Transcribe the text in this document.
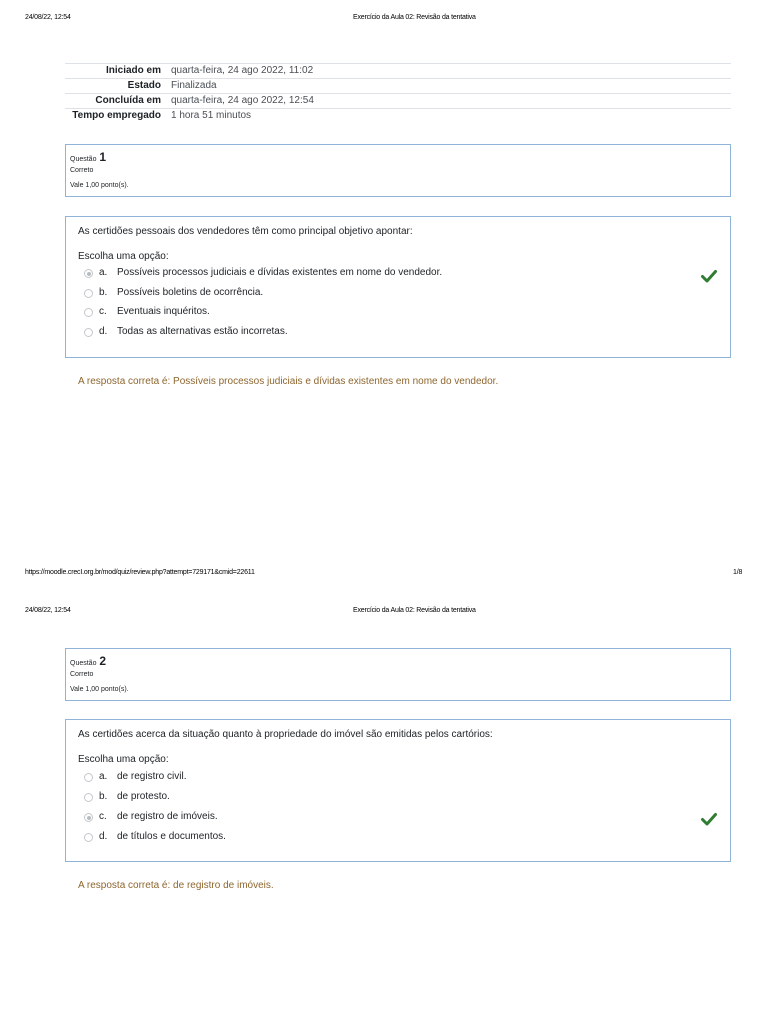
24/08/22, 12:54	Exercício da Aula 02: Revisão da tentativa
Iniciado em	quarta-feira, 24 ago 2022, 11:02
Estado	Finalizada
Concluída em	quarta-feira, 24 ago 2022, 12:54
Tempo empregado	1 hora 51 minutos
Questão 1
Correto
Vale 1,00 ponto(s).
As certidões pessoais dos vendedores têm como principal objetivo apontar:
Escolha uma opção:
a. Possíveis processos judiciais e dívidas existentes em nome do vendedor.
b. Possíveis boletins de ocorrência.
c. Eventuais inquéritos.
d. Todas as alternativas estão incorretas.
A resposta correta é: Possíveis processos judiciais e dívidas existentes em nome do vendedor.
https://moodle.crecI.org.br/mod/quiz/review.php?attempt=729171&cmid=22611	1/8
24/08/22, 12:54	Exercício da Aula 02: Revisão da tentativa
Questão 2
Correto
Vale 1,00 ponto(s).
As certidões acerca da situação quanto à propriedade do imóvel são emitidas pelos cartórios:
Escolha uma opção:
a. de registro civil.
b. de protesto.
c. de registro de imóveis.
d. de títulos e documentos.
A resposta correta é: de registro de imóveis.
